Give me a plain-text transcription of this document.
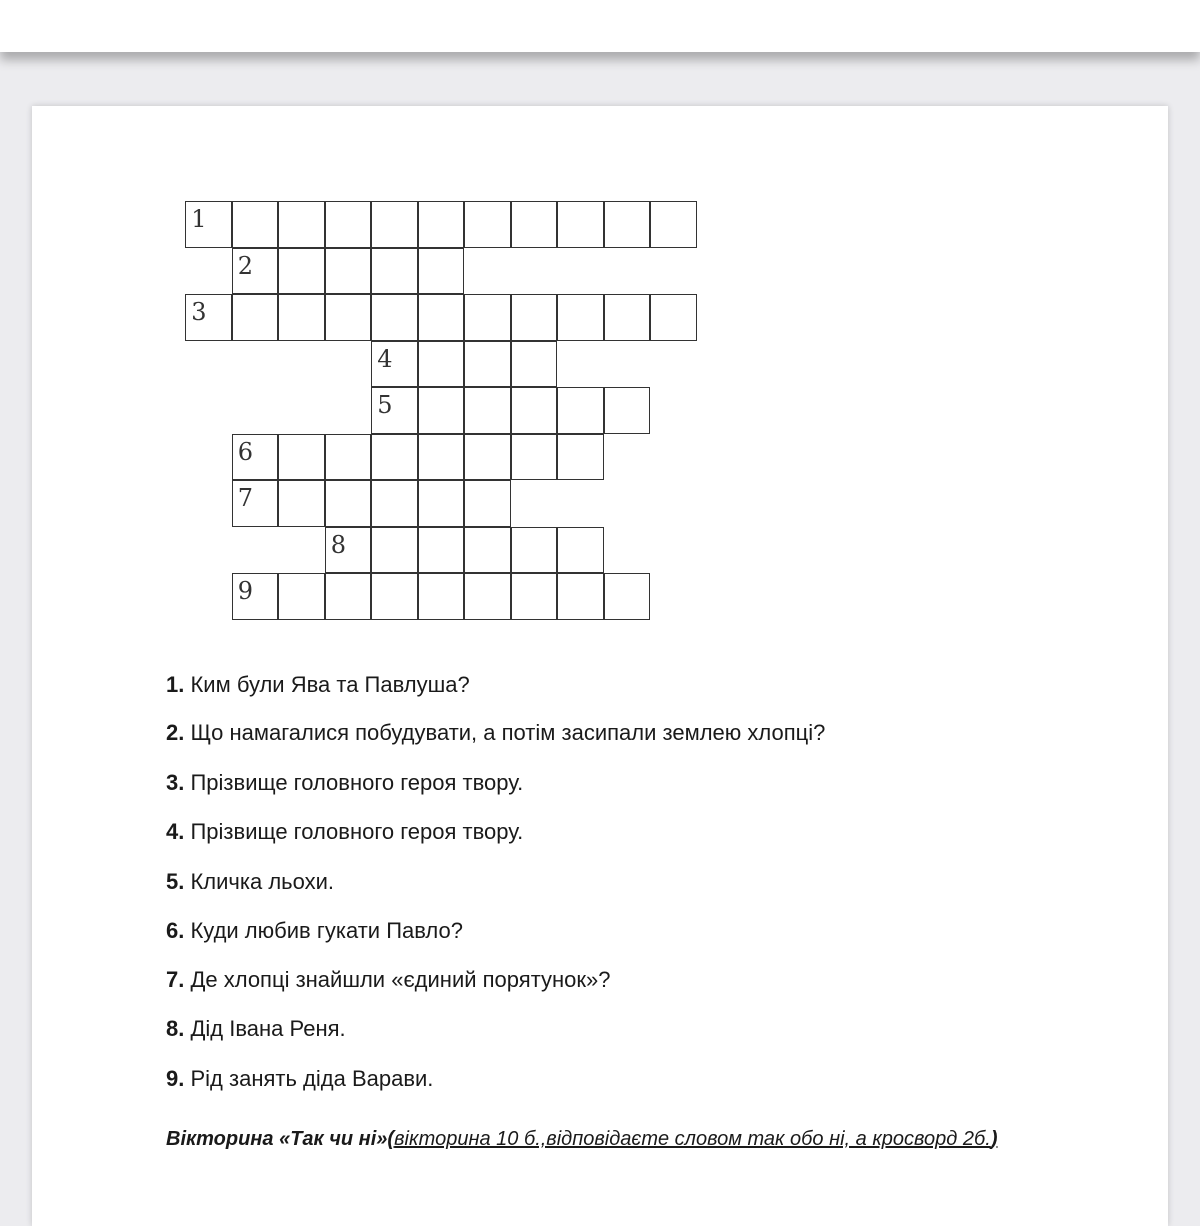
1
2
3
4
5
6
7
8
9
1. Ким були Ява та Павлуша?
2. Що намагалися побудувати, а потім засипали землею хлопці?
3. Прізвище головного героя твору.
4. Прізвище головного героя твору.
5. Кличка льохи.
6. Куди любив гукати Павло?
7. Де хлопці знайшли «єдиний порятунок»?
8. Дід Івана Реня.
9. Рід занять діда Варави.
Вікторина «Так чи ні»(вікторина 10 б.,відповідаєте словом так обо ні, а кросворд 2б.)
